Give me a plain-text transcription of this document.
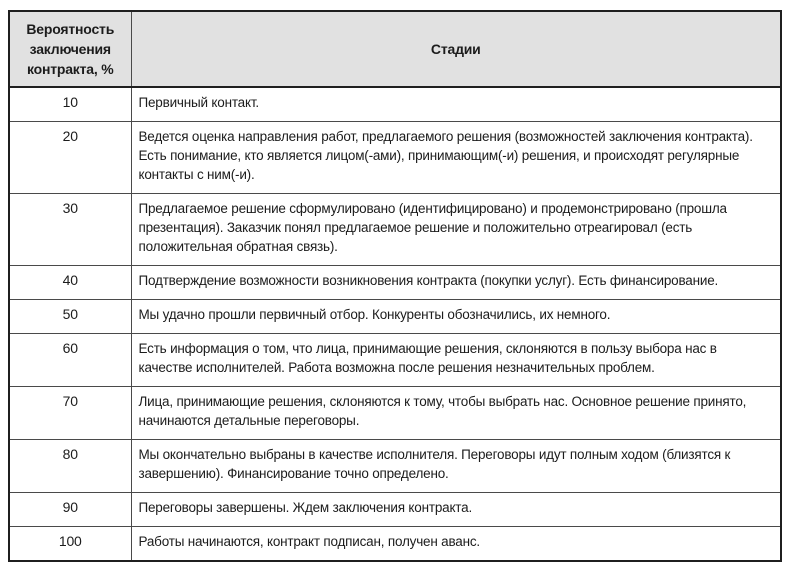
Вероятность заключения контракта, %	Стадии
10	Первичный контакт.
20	Ведется оценка направления работ, предлагаемого решения (возможностей заключения контракта). Есть понимание, кто является лицом(-ами), принимающим(-и) решения, и происходят регулярные контакты с ним(-и).
30	Предлагаемое решение сформулировано (идентифицировано) и продемонстрировано (прошла презентация). Заказчик понял предлагаемое решение и положительно отреагировал (есть положительная обратная связь).
40	Подтверждение возможности возникновения контракта (покупки услуг). Есть финансирование.
50	Мы удачно прошли первичный отбор. Конкуренты обозначились, их немного.
60	Есть информация о том, что лица, принимающие решения, склоняются в пользу выбора нас в качестве исполнителей. Работа возможна после решения незначительных проблем.
70	Лица, принимающие решения, склоняются к тому, чтобы выбрать нас. Основное решение принято, начинаются детальные переговоры.
80	Мы окончательно выбраны в качестве исполнителя. Переговоры идут полным ходом (близятся к завершению). Финансирование точно определено.
90	Переговоры завершены. Ждем заключения контракта.
100	Работы начинаются, контракт подписан, получен аванс.
